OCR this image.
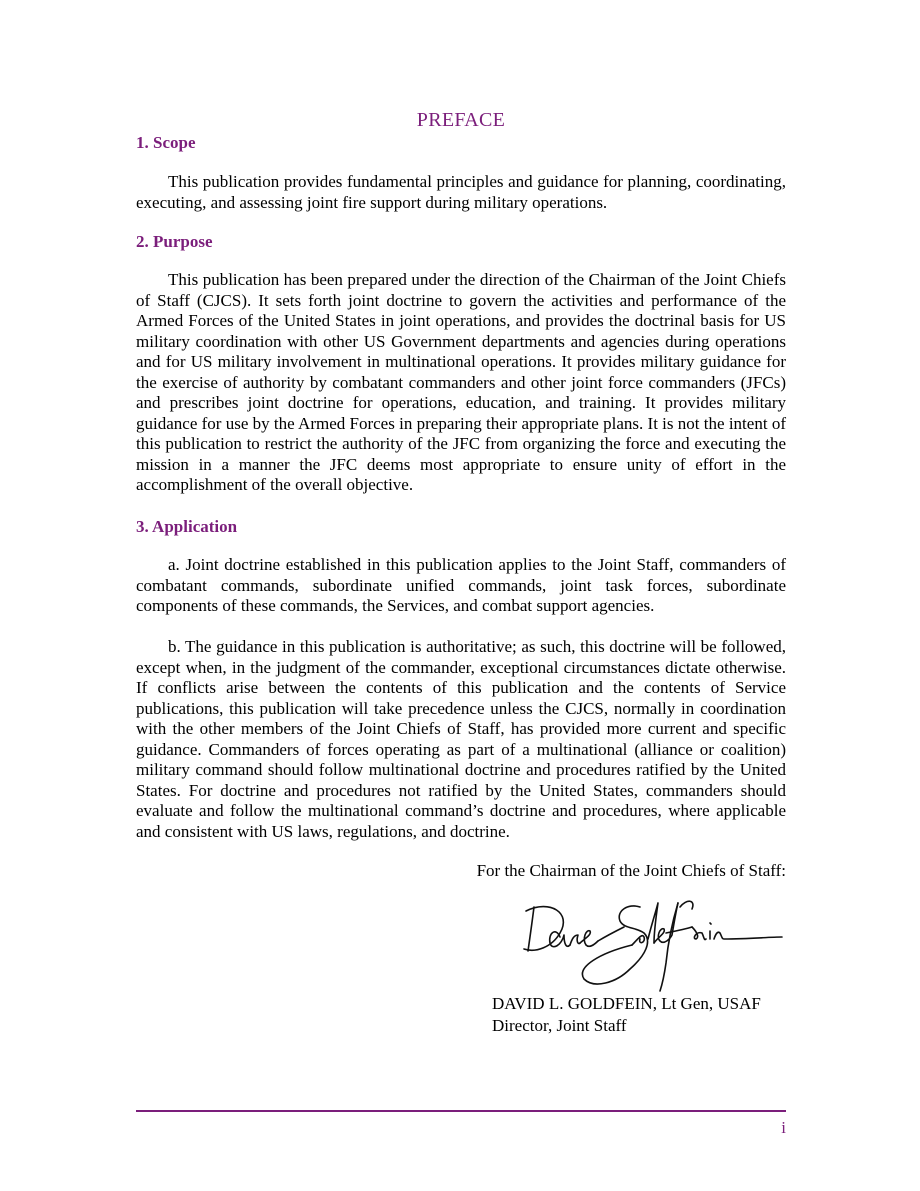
PREFACE
1. Scope

This publication provides fundamental principles and guidance for planning, coordinating, executing, and assessing joint fire support during military operations.

2. Purpose

This publication has been prepared under the direction of the Chairman of the Joint Chiefs of Staff (CJCS). It sets forth joint doctrine to govern the activities and performance of the Armed Forces of the United States in joint operations, and provides the doctrinal basis for US military coordination with other US Government departments and agencies during operations and for US military involvement in multinational operations. It provides military guidance for the exercise of authority by combatant commanders and other joint force commanders (JFCs) and prescribes joint doctrine for operations, education, and training. It provides military guidance for use by the Armed Forces in preparing their appropriate plans. It is not the intent of this publication to restrict the authority of the JFC from organizing the force and executing the mission in a manner the JFC deems most appropriate to ensure unity of effort in the accomplishment of the overall objective.

3. Application

a. Joint doctrine established in this publication applies to the Joint Staff, commanders of combatant commands, subordinate unified commands, joint task forces, subordinate components of these commands, the Services, and combat support agencies.

b. The guidance in this publication is authoritative; as such, this doctrine will be followed, except when, in the judgment of the commander, exceptional circumstances dictate otherwise. If conflicts arise between the contents of this publication and the contents of Service publications, this publication will take precedence unless the CJCS, normally in coordination with the other members of the Joint Chiefs of Staff, has provided more current and specific guidance. Commanders of forces operating as part of a multinational (alliance or coalition) military command should follow multinational doctrine and procedures ratified by the United States. For doctrine and procedures not ratified by the United States, commanders should evaluate and follow the multinational command’s doctrine and procedures, where applicable and consistent with US laws, regulations, and doctrine.

For the Chairman of the Joint Chiefs of Staff:
DAVID L. GOLDFEIN, Lt Gen, USAF
Director, Joint Staff
i
